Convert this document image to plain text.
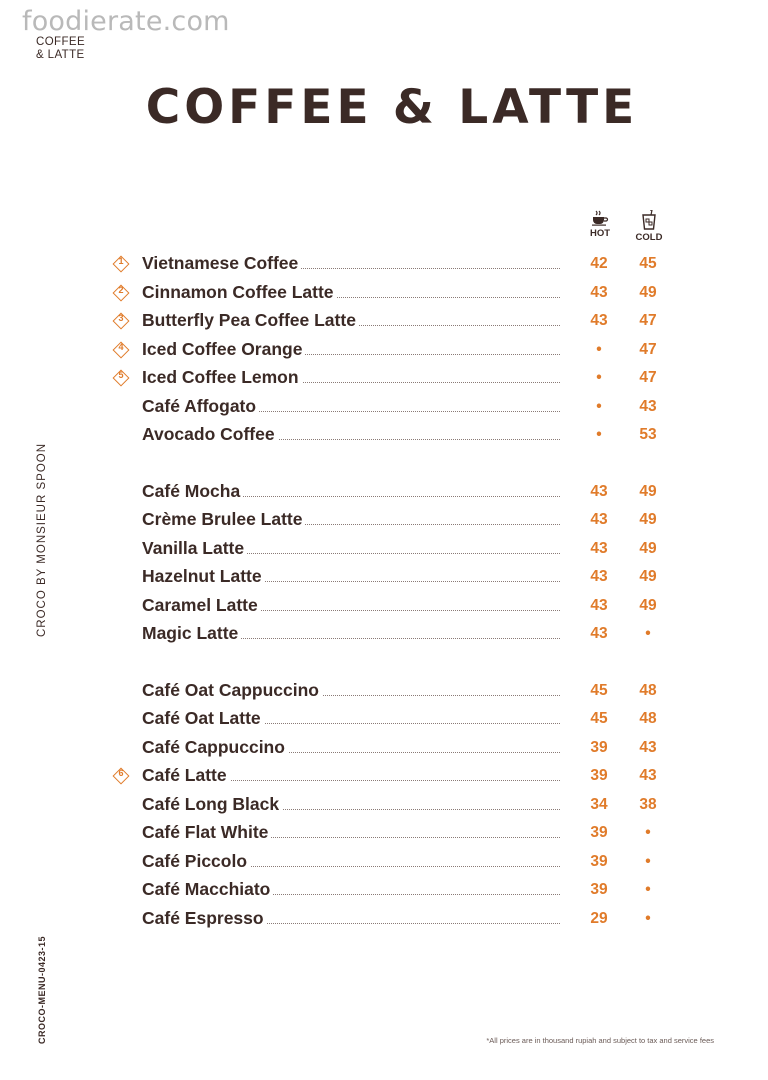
foodierate.com
COFFEE
& LATTE
COFFEE & LATTE
CROCO BY MONSIEUR SPOON
CROCO-MENU-0423-15
HOT	COLD
1	Vietnamese Coffee	42	45
2	Cinnamon Coffee Latte	43	49
3	Butterfly Pea Coffee Latte	43	47
4	Iced Coffee Orange	•	47
5	Iced Coffee Lemon	•	47
Café Affogato	•	43
Avocado Coffee	•	53
Café Mocha	43	49
Crème Brulee Latte	43	49
Vanilla Latte	43	49
Hazelnut Latte	43	49
Caramel Latte	43	49
Magic Latte	43	•
Café Oat Cappuccino	45	48
Café Oat Latte	45	48
Café Cappuccino	39	43
6	Café Latte	39	43
Café Long Black	34	38
Café Flat White	39	•
Café Piccolo	39	•
Café Macchiato	39	•
Café Espresso	29	•
*All prices are in thousand rupiah and subject to tax and service fees
